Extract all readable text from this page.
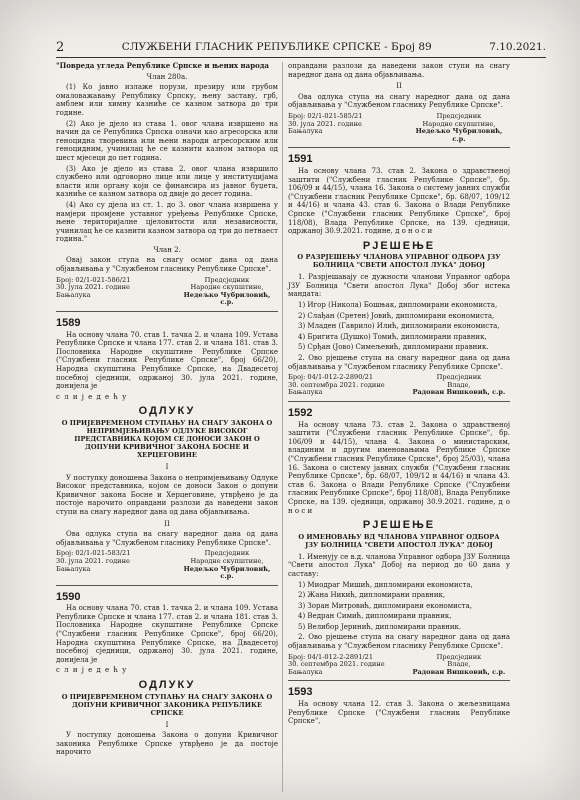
2	СЛУЖБЕНИ ГЛАСНИК РЕПУБЛИКЕ СРПСКЕ - Број 89	7.10.2021.

"Повреда угледа Републике Српске и њених народа

Члан 280а.

(1) Ко јавно излаже порузи, презиру или грубом омаловажавању Републику Српску, њену заставу, грб, амблем или химну казниће се казном затвора до три године.

(2) Ако је дјело из става 1. овог члана извршено на начин да се Република Српска означи као агресорска или геноцидна творевина или њени народи агресорским или геноцидним, учинилац ће се казнити казном затвора од шест мјесеци до пет година.

(3) Ако је дјело из става 2. овог члана извршило службено или одговорно лице или лице у институцијама власти или органу који се финансира из јавног буџета, казниће се казном затвора од двије до десет година.

(4) Ако су дјела из ст. 1. до 3. овог члана извршена у намјери промјене уставног уређења Републике Српске, њене територијалне цјеловитости или независности, учинилац ће се казнити казном затвора од три до петнаест година."

Члан 2.

Овај закон ступа на снагу осмог дана од дана објављивања у "Службеном гласнику Републике Српске".

Број: 02/1-021-586/21
30. јула 2021. године
Бањалука
Предсједник
Народне скупштине,
Недељко Чубриловић, с.р.

1589

На основу члана 70. став 1. тачка 2. и члана 109. Устава Републике Српске и члана 177. став 2. и члана 181. став 3. Пословника Народне скупштине Републике Српске ("Службени гласник Републике Српске", број 66/20), Народна скупштина Републике Српске, на Двадесетој посебној сједници, одржаној 30. јула 2021. године, донијела је

с л и ј е д е ћ у

ОДЛУКУ

О ПРИЈЕВРЕМЕНОМ СТУПАЊУ НА СНАГУ ЗАКОНА О НЕПРИМЈЕЊИВАЊУ ОДЛУКЕ ВИСОКОГ ПРЕДСТАВНИКА КОЈОМ СЕ ДОНОСИ ЗАКОН О ДОПУНИ КРИВИЧНОГ ЗАКОНА БОСНЕ И ХЕРЦЕГОВИНЕ

I

У поступку доношења Закона о непримјењивању Одлуке Високог представника, којом се доноси Закон о допуни Кривичног закона Босне и Херцеговине, утврђено је да постоје нарочито оправдани разлози да наведени закон ступи на снагу наредног дана од дана објављивања.

II

Ова одлука ступа на снагу наредног дана од дана објављивања у "Службеном гласнику Републике Српске".

Број: 02/1-021-583/21
30. јула 2021. године
Бањалука
Предсједник
Народне скупштине,
Недељко Чубриловић, с.р.

1590

На основу члана 70. став 1. тачка 2. и члана 109. Устава Републике Српске и члана 177. став 2. и члана 181. став 3. Пословника Народне скупштине Републике Српске ("Службени гласник Републике Српске", број 66/20), Народна скупштина Републике Српске, на Двадесетој посебној сједници, одржаној 30. јула 2021. године, донијела је

с л и ј е д е ћ у

ОДЛУКУ

О ПРИЈЕВРЕМЕНОМ СТУПАЊУ НА СНАГУ ЗАКОНА О ДОПУНИ КРИВИЧНОГ ЗАКОНИКА РЕПУБЛИКЕ СРПСКЕ

I

У поступку доношења Закона о допуни Кривичног законика Републике Српске утврђено је да постоје нарочито

оправдани разлози да наведени закон ступи на снагу наредног дана од дана објављивања.

II

Ова одлука ступа на снагу наредног дана од дана објављивања у "Службеном гласнику Републике Српске".

Број: 02/1-021-585/21
30. јула 2021. године
Бањалука
Предсједник
Народне скупштине,
Недељко Чубриловић, с.р.

1591

На основу члана 73. став 2. Закона о здравственој заштити ("Службени гласник Републике Српске", бр. 106/09 и 44/15), члана 16. Закона о систему јавних служби ("Службени гласник Републике Српске", бр. 68/07, 109/12 и 44/16) и члана 43. став 6. Закона о Влади Републике Српске ("Службени гласник Републике Српске", број 118/08), Влада Републике Српске, на 139. сједници, одржаној 30.9.2021. године, д о н о с и

РЈЕШЕЊЕ

О РАЗРЈЕШЕЊУ ЧЛАНОВА УПРАВНОГ ОДБОРА ЈЗУ БОЛНИЦА "СВЕТИ АПОСТОЛ ЛУКА" ДОБОЈ

1. Разрјешавају се дужности чланови Управног одбора ЈЗУ Болница "Свети апостол Лука" Добој због истека мандата:

1) Игор (Никола) Бошњак, дипломирани економиста,

2) Слађан (Сретен) Јовић, дипломирани економиста,

3) Младен (Гаврило) Илић, дипломирани економиста,

4) Бригита (Душко) Томић, дипломирани правник,

5) Срђан (Јово) Симељевић, дипломирани правник.

2. Ово рјешење ступа на снагу наредног дана од дана објављивања у "Службеном гласнику Републике Српске".

Број: 04/1-012-2-2890/21
30. септембра 2021. године
Бањалука
Предсједник
Владе,
Радован Вишковић, с.р.

1592

На основу члана 73. став 2. Закона о здравственој заштити ("Службени гласник Републике Српске", бр. 106/09 и 44/15), члана 4. Закона о министарским, владиним и другим именовањима Републике Српске ("Службени гласник Републике Српске", број 25/03), члана 16. Закона о систему јавних служби ("Службени гласник Републике Српске", бр. 68/07, 109/12 и 44/16) и члана 43. став 6. Закона о Влади Републике Српске ("Службени гласник Републике Српске", број 118/08), Влада Републике Српске, на 139. сједници, одржаној 30.9.2021. године, д о н о с и

РЈЕШЕЊЕ

О ИМЕНОВАЊУ ВД ЧЛАНОВА УПРАВНОГ ОДБОРА ЈЗУ БОЛНИЦА "СВЕТИ АПОСТОЛ ЛУКА" ДОБОЈ

1. Именују се в.д. чланова Управног одбора ЈЗУ Болница "Свети апостол Лука" Добој на период до 60 дана у саставу:

1) Миодраг Мишић, дипломирани економиста,

2) Жана Никић, дипломирани правник,

3) Зоран Митровић, дипломирани економиста,

4) Ведран Симић, дипломирани правник,

5) Велибор Јеринић, дипломирани правник.

2. Ово рјешење ступа на снагу наредног дана од дана објављивања у "Службеном гласнику Републике Српске".

Број: 04/1-012-2-2891/21
30. септембра 2021. године
Бањалука
Предсједник
Владе,
Радован Вишковић, с.р.

1593

На основу члана 12. став 3. Закона о жељезницама Републике Српске ("Службени гласник Републике Српске",
